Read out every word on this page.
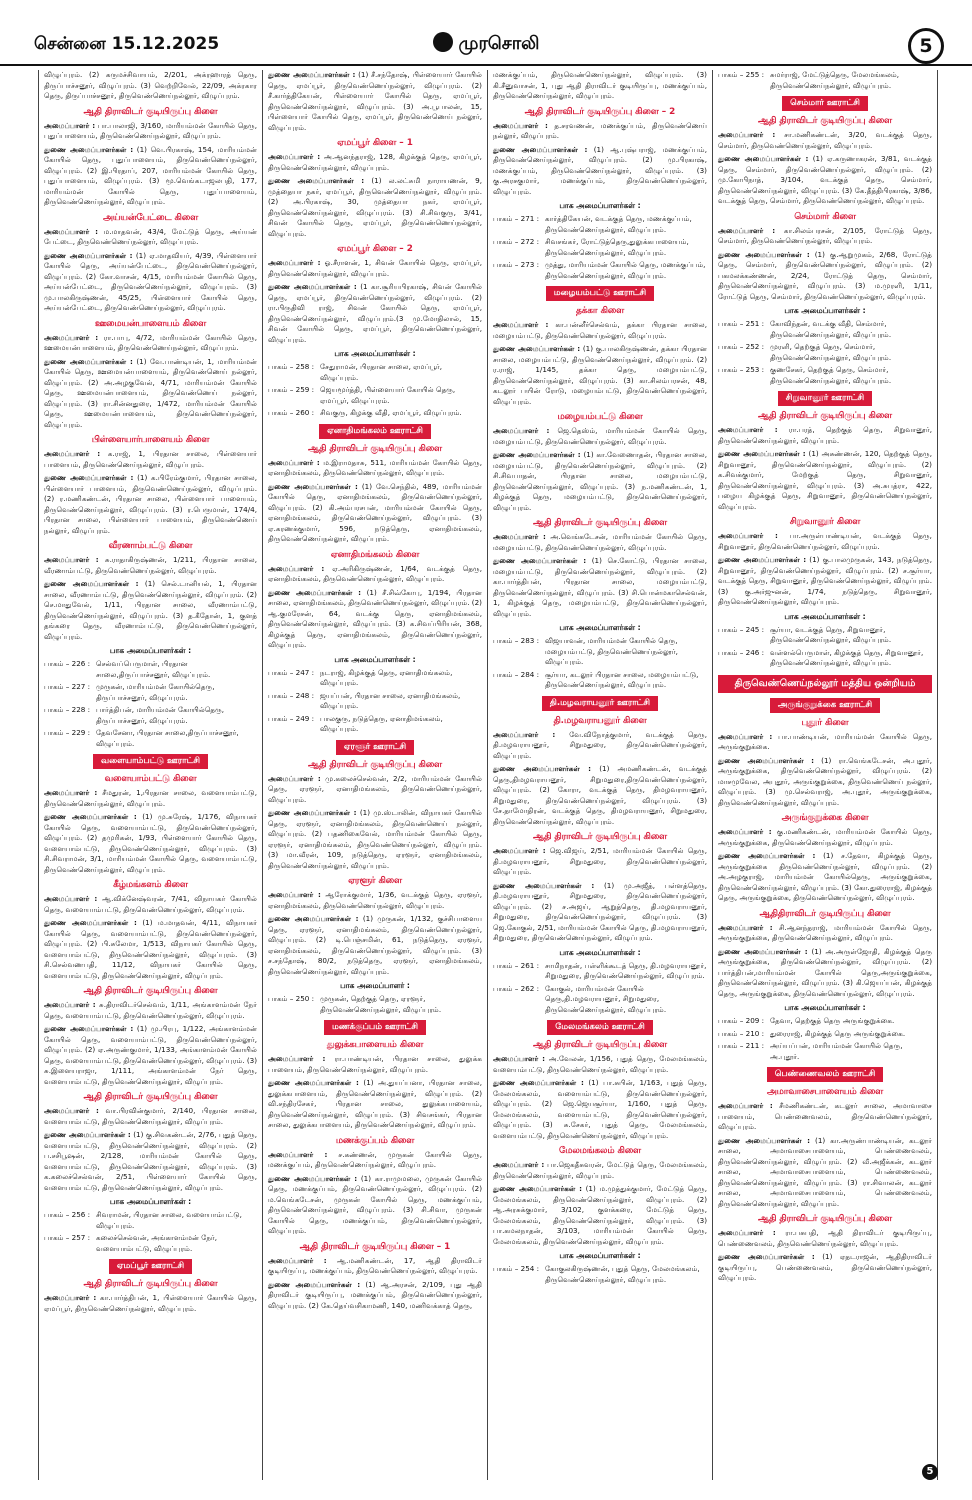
சென்னை 15.12.2025	முரசொலி	5

விழுப்புரம். (2) கருமச்சிவாயம், 2/201, அக்ரஹாரத் தெரு, திருப்பாச்சனூர், விழுப்புரம். (3) வெற்றிவேல், 22/09, அக்ரகார தெரு, திருப்பாச்சனூர், திருவெண்ணெய்நல்லூர், விழுப்புரம்.

ஆதி திராவிடர் குடியிருப்பு கிளை

அமைப்பாளர் : பா.பாலாஜி, 3/160, மாரியம்மன் கோயில் தெரு, புதுப்பாளையம், திருவெண்ணெய்நல்லூர், விழுப்புரம்.

துணை அமைப்பாளர்கள் : (1) வெ.பிரகாஷ், 154, மாரியம்மன் கோயில் தெரு, புதுப்பாளையம், திருவெண்ணெய்நல்லூர், விழுப்புரம். (2) இ.பிரதாப், 207, மாரியம்மன் கோயில் தெரு, புதுப்பாளையம், விழுப்புரம். (3) மூ.வெங்கடாஜலபதி, 177, மாரியம்மன் கோயில் தெரு, புதுப்பாளையம், திருவெண்ணெய்நல்லூர், விழுப்புரம்.

அய்யன்பேட்டை கிளை

அமைப்பாளர் : ம.மாதவன், 43/4, மேட்டுத் தெரு, அய்யன் பேட்டை, திருவெண்ணெய்நல்லூர், விழுப்புரம்.

துணை அமைப்பாளர்கள் : (1) ஏ.மாதவியர், 4/39, பிள்ளையார் கோயில் தெரு, அய்யன்பேட்டை, திருவெண்ணெய்நல்லூர், விழுப்புரம். (2) கோ.வாசன், 4/15, மாரியம்மன் கோயில் தெரு, அய்யன்பேட்டை, திருவெண்ணெய்நல்லூர், விழுப்புரம். (3) மு.பாலகிருஷ்ணன், 45/25, பிள்ளையார் கோயில் தெரு, அய்யன்பேட்டை, திருவெண்ணெய்நல்லூர், விழுப்புரம்.

ஊமையன்பாளையம் கிளை

அமைப்பாளர் : ரா.பாபு, 4/72, மாரியம்மன் கோயில் தெரு, ஊமையன்பாளையம், திருவெண்ணெய்நல்லூர், விழுப்புரம்.

துணை அமைப்பாளர்கள் : (1) வே.பாண்டியன், 1, மாரியம்மன் கோயில் தெரு, ஊமையன்பாளையம், திருவெண்ணெய் நல்லூர், விழுப்புரம். (2) அ.அழகுவேல், 4/71, மாரியம்மன் கோயில் தெரு, ஊமையன்பாளையம், திருவெண்ணெய் நல்லூர், விழுப்புரம். (3) ரா.சின்னதுரை, 1/472, மாரியம்மன் கோயில் தெரு, ஊமையன்பாளையம், திருவெண்ணெய்நல்லூர், விழுப்புரம்.

பிள்ளையார்பாளையம் கிளை

அமைப்பாளர் : க.ராஜ், 1, பிரதான சாலை, பிள்ளையார் பாளையம், திருவெண்ணெய்நல்லூர், விழுப்புரம்.

துணை அமைப்பாளர்கள் : (1) க.பிரேம்குமார், பிரதான சாலை, பிள்ளையார் பாளையம், திருவெண்ணெய்நல்லூர், விழுப்புரம். (2) ர.மணிகண்டன், பிரதான சாலை, பிள்ளையார் பாளையம், திருவெண்ணெய்நல்லூர், விழுப்புரம். (3) ர.பெருமாள், 174/4, பிரதான சாலை, பிள்ளையார் பாளையம், திருவெண்ணெய் நல்லூர், விழுப்புரம்.

வீரணாம்பட்டு கிளை

அமைப்பாளர் : சு.ராதாகிருஷ்ணன், 1/211, பிரதான சாலை, வீரணாம்பட்டு, திருவெண்ணெய்நல்லூர், விழுப்புரம்.

துணை அமைப்பாளர்கள் : (1) செல்.டானியல், 1, பிரதான சாலை, வீரணாம்பட்டு, திருவெண்ணெய்நல்லூர், விழுப்புரம். (2) செ.மாதுவேல், 1/11, பிரதான சாலை, வீரணாம்பட்டு, திருவெண்ணெய்நல்லூர், விழுப்புரம். (3) த.கீதோன், 1, குளத் தங்கரை தெரு, வீரணாம்பட்டு, திருவெண்ணெய்நல்லூர், விழுப்புரம்.

பாக அமைப்பாளர்கள் :
பாகம் – 226 : செல்வப்பெருமாள், பிரதான சாலை,திருப்பாச்சனூர், விழுப்புரம்.
பாகம் – 227 : முருகன், மாரியம்மன் கோயில்தெரு, திருப்பாச்சனூர், விழுப்புரம்.
பாகம் – 228 : பார்த்திபன், மாரியம்மன் கோயில்தெரு, திருப்பாச்சனூர், விழுப்புரம்.
பாகம் – 229 : தேவசேனா, பிரதான சாலை,திருப்பாச்சனூர், விழுப்புரம்.
வளையாம்பட்டு ஊராட்சி
வளையாம்பட்டு கிளை

அமைப்பாளர் : சீமதுரன், 1,பிரதான சாலை, வளையாம்பட்டு, திருவெண்ணெய்நல்லூர், விழுப்புரம்.

துணை அமைப்பாளர்கள் : (1) மு.சுரேஷ், 1/176, விநாயகர் கோயில் தெரு, வளையாம்பட்டு, திருவெண்ணெய்நல்லூர், விழுப்புரம். (2) தமுரிகன், 1/93, பிள்ளையார் கோயில் தெரு, வளையாம்பட்டு, திருவெண்ணெய்நல்லூர், விழுப்புரம். (3) சி.சிவராமன், 3/1, மாரியம்மன் கோயில் தெரு, வளையாம்பட்டு, திருவெண்ணெய்நல்லூர், விழுப்புரம்.

கீழ்மங்களம் கிளை

அமைப்பாளர் : ஆ.விக்னேஷ்வரன், 7/41, விநாயகர் கோயில் தெரு, வளையாம்பட்டு, திருவெண்ணெய்நல்லூர், விழுப்புரம்.

துணை அமைப்பாளர்கள் : (1) ம.மாதவன், 4/11, விநாயகர் கோயில் தெரு, வளையாம்பட்டு, திருவெண்ணெய்நல்லூர், விழுப்புரம். (2) பி.சுலேமா, 1/513, விநாயகர் கோயில் தெரு, வளையாம்பட்டு, திருவெண்ணெய்நல்லூர், விழுப்புரம். (3) சி.செல்வணபதி, 11/12, விநாயகர் கோயில் தெரு, வளையாம்பட்டு, திருவெண்ணெய்நல்லூர், விழுப்புரம்.

ஆதி திராவிடர் குடியிருப்பு கிளை

அமைப்பாளர் : சு.திராவிடர்செல்வம், 1/11, அங்காளம்மன் நேர் தெரு, வளையாம்பட்டு, திருவெண்ணெய்நல்லூர், விழுப்புரம்.

துணை அமைப்பாளர்கள் : (1) மு.பிரபு, 1/122, அங்காளம்மன் கோயில் தெரு, வளையாம்பட்டு, திருவெண்ணெய்நல்லூர், விழுப்புரம். (2) ஏ.அருண்குமார், 1/133, அங்காளம்மன் கோயில் தெரு, வளையாம்பட்டு, திருவெண்ணெய்நல்லூர், விழுப்புரம். (3) சு.இளையராஜா, 1/111, அங்காளம்மன் நேர் தெரு, வளையாம்பட்டு, திருவெண்ணெய்நல்லூர், விழுப்புரம்.

ஆதி திராவிடர் குடியிருப்பு கிளை

அமைப்பாளர் : வா.பிரவின்குமார், 2/140, பிரதான சாலை, வளையாம்பட்டு, திருவெண்ணெய்நல்லூர், விழுப்புரம்.

துணை அமைப்பாளர்கள் : (1) கு.சிவகண்டன், 2/76, புதுத் தெரு, வளையாம்பட்டு, திருவெண்ணெய்நல்லூர், விழுப்புரம். (2) ப.சசிபூஷன், 2/128, மாரியம்மன் கோயில் தெரு, வளையாம்பட்டு, திருவெண்ணெய்நல்லூர், விழுப்புரம். (3) க.கலைச்செல்வன், 2/51, பிள்ளையார் கோயில் தெரு, வளையாம்பட்டு, திருவெண்ணெய்நல்லூர், விழுப்புரம்.

பாக அமைப்பாளர்கள் :
பாகம் – 256 : சிவராமன், பிரதான சாலை, வளையாம்பட்டு, விழுப்புரம்.
பாகம் – 257 : கலைச்செல்வன், அங்காளம்மன் நேர், வளையாம்பட்டு, விழுப்புரம்.
ஏமப்பூர் ஊராட்சி
ஆதி திராவிடர் குடியிருப்பு கிளை

அமைப்பாளர் : கா.பார்த்திபன், 1, பிள்ளையார் கோயில் தெரு, ஏமப்பூர், திருவெண்ணெய்நல்லூர், விழுப்புரம்.

துணை அமைப்பாளர்கள் : (1) சீ.சந்தோஷ், பிள்ளையார் கோயில் தெரு, ஏமப்பூர், திருவெண்ணெய்நல்லூர், விழுப்புரம். (2) சீ.கார்த்திகேயன், பிள்ளையார் கோயில் தெரு, ஏமப்பூர், திருவெண்ணெய்நல்லூர், விழுப்புரம். (3) அ.பூபாலன், 15, பிள்ளையார் கோயில் தெரு, ஏமப்பூர், திருவெண்ணெய் நல்லூர், விழுப்புரம்.

ஏமப்பூர் கிளை – 1

அமைப்பாளர் : அ.ஆனந்தராஜ், 128, கிழக்குத் தெரு, ஏமப்பூர், திருவெண்ணெய்நல்லூர், விழுப்புரம்.

துணை அமைப்பாளர்கள் : (1) ல.லட்சுமி நாராயணன், 9, முத்தையா நகர், ஏமப்பூர், திருவெண்ணெய்நல்லூர், விழுப்புரம். (2) அ.பிரகாஷ், 30, முத்தையா நகர், ஏமப்பூர், திருவெண்ணெய்நல்லூர், விழுப்புரம். (3) சி.சிவகுரு, 3/41, சிவன் கோயில் தெரு, ஏமப்பூர், திருவெண்ணெய்நல்லூர், விழுப்புரம்.

ஏமப்பூர் கிளை – 2

அமைப்பாளர் : ஓ.சீராளன், 1, சிவன் கோயில் தெரு, ஏமப்பூர், திருவெண்ணெய்நல்லூர், விழுப்புரம்.

துணை அமைப்பாளர்கள் : (1 கா.சூரியபிரகாஷ், சிவன் கோயில் தெரு, ஏமப்பூர், திருவெண்ணெய்நல்லூர், விழுப்புரம். (2) ரா.பிருதிவி ராஜ், சிவன் கோயில் தெரு, ஏமப்பூர், திருவெண்ணெய்நல்லூர், விழுப்புரம்.(3 மு.மோதிலால், 15, சிவன் கோயில் தெரு, ஏமப்பூர், திருவெண்ணெய்நல்லூர், விழுப்புரம்.

பாக அமைப்பாளர்கள் :
பாகம் – 258 : சேதுராமன், பிரதான சாலை, ஏமப்பூர், விழுப்புரம்.
பாகம் – 259 : ஜெயமூர்த்தி, பிள்ளையார் கோயில் தெரு, ஏமப்பூர், விழுப்புரம்.
பாகம் – 260 : சிவகுரு, கிழக்கு வீதி, ஏமப்பூர், விழுப்புரம்.
ஏனாதிமங்கலம் ஊராட்சி
ஆதி திராவிடர் குடியிருப்பு கிளை

அமைப்பாளர் : ம.இராமதாசு, 511, மாரியம்மன் கோயில் தெரு, ஏனாதிமங்கலம், திருவெண்ணெய்நல்லூர், விழுப்புரம்.

துணை அமைப்பாளர்கள் : (1) வே.செந்தில், 489, மாரியம்மன் கோயில் தெரு, ஏனாதிமங்கலம், திருவெண்ணெய்நல்லூர், விழுப்புரம். (2) கி.அம்பரசபன், மாரியம்மன் கோயில் தெரு, ஏனாதிமங்கலம், திருவெண்ணெய்நல்லூர், விழுப்புரம். (3) ஏ.கரணக்குமார், 596, நடுத்தெரு, ஏனாதிமங்கலம், திருவெண்ணெய்நல்லூர், விழுப்புரம்.

ஏனாதிமங்கலம் கிளை

அமைப்பாளர் : ஏ.அரிகிருஷ்ணன், 1/64, வடக்குத் தெரு, ஏனாதிமங்கலம், திருவெண்ணெய்நல்லூர், விழுப்புரம்.

துணை அமைப்பாளர்கள் : (1) சீ.சிவ்கோபு, 1/194, பிரதான சாலை, ஏனாதிமங்கலம், திருவெண்ணெய்நல்லூர், விழுப்புரம். (2) ஆ.குமரேசன், 64, வடக்கு தெரு, ஏனாதிமங்கலம், திருவெண்ணெய்நல்லூர், விழுப்புரம். (3) க.சிவப்பிரியன், 368, கிழக்குத் தெரு, ஏனாதிமங்கலம், திருவெண்ணெய்நல்லூர், விழுப்புரம்.

பாக அமைப்பாளர்கள் :
பாகம் – 247 : நடராஜ், கிழக்குத் தெரு, ஏனாதிமங்கலம், விழுப்புரம்.
பாகம் – 248 : ஜயப்பன், பிரதான சாலை, ஏனாதிமங்கலம், விழுப்புரம்.
பாகம் – 249 : பாலகுரு, நடுத்தெரு, ஏனாதிமங்கலம், விழுப்புரம்.
ஏரளூர் ஊராட்சி
ஆதி திராவிடர் குடியிருப்பு கிளை

அமைப்பாளர் : மு.கலைச்செல்வன், 2/2, மாரியம்மன் கோயில் தெரு, ஏரளூர், ஏனாதிமங்கலம், திருவெண்ணெய்நல்லூர், விழுப்புரம்.

துணை அமைப்பாளர்கள் : (1) மு.ஸ்டாலின், விநாயகர் கோயில் தெரு, ஏரளூர், ஏனாதிமங்கலம், திருவெண்ணெய் நல்லூர், விழுப்புரம். (2) பதணிகைவேல், மாரியம்மன் கோயில் தெரு, ஏரளூர், ஏனாதிமங்கலம், திருவெண்ணெய்நல்லூர், விழுப்புரம். (3) மா.வீரன், 109, நடுத்தெரு, ஏரளூர், ஏனாதிமங்கலம், திருவெண்ணெய்நல்லூர், விழுப்புரம்.

ஏரளூர் கிளை

அமைப்பாளர் : ஆரோக்குமார், 1/36, வடக்குத் தெரு, ஏரளூர், ஏனாதிமங்கலம், திருவெண்ணெய்நல்லூர், விழுப்புரம்.

துணை அமைப்பாளர்கள் : (1) முருகன், 1/132, குச்சிபாளைய தெரு, ஏரளூர், ஏனாதிமங்கலம், திருவெண்ணெய்நல்லூர், விழுப்புரம். (2) டி.பெஞ்சமின், 61, நடுத்தெரு, ஏரளூர், ஏனாதிமங்கலம், திருவெண்ணெய்நல்லூர், விழுப்புரம். (3) ச.சந்தோஷ், 80/2, நடுத்தெரு, ஏரளூர், ஏனாதிமங்கலம், திருவெண்ணெய்நல்லூர், விழுப்புரம்.

பாக அமைப்பாளர் :
பாகம் – 250 : முருகன், தெற்குத் தெரு, ஏரளூர், திருவெண்ணெய்நல்லூர், விழுப்புரம்.
மணக்குப்பம் ஊராட்சி
துலுக்கபாளையம் கிளை

அமைப்பாளர் : ரா.பாண்டியன், பிரதான சாலை, துலுக்க பாளையம், திருவெண்ணெய்நல்லூர், விழுப்புரம்.

துணை அமைப்பாளர்கள் : (1) அ.துயப்பனா, பிரதான சாலை, துலுக்கபாளையம், திருவெண்ணெய்நல்லூர், விழுப்புரம். (2) வி.சந்திரசேகர், பிரதான சாலை, துலுக்கபாளையம், திருவெண்ணெய்நல்லூர், விழுப்புரம். (3) சிவசங்கர், பிரதான சாலை, துலுக்கபாளையம், திருவெண்ணெய்நல்லூர், விழுப்புரம்.

மணக்குப்பம் கிளை

அமைப்பாளர் : ச.கண்ணன், முருகன் கோயில் தெரு, மணக்குப்பம், திருவெண்ணெய்நல்லூர், விழுப்புரம்.

துணை அமைப்பாளர்கள் : (1) கா.ராமுமலை, முருகன் கோயில் தெரு, மணக்குப்பம், திருவெண்ணெய்நல்லூர், விழுப்புரம். (2) ம.வெங்கடேசன், முருகன் கோயில் தெரு, மணக்குப்பம், திருவெண்ணெய்நல்லூர், விழுப்புரம். (3) சி.சிவா, முருகன் கோயில் தெரு, மணக்குப்பம், திருவெண்ணெய்நல்லூர், விழுப்புரம்.

ஆதி திராவிடர் குடியிருப்பு கிளை – 1

அமைப்பாளர் : ஆ.மணிகண்டன், 17, ஆதி திராவிடர் குடியிருப்பு, மணக்குப்பம், திருவெண்ணெய்நல்லூர், விழுப்புரம்.

துணை அமைப்பாளர்கள் : (1) ஆ.அரசன், 2/109, புது ஆதி திராவிடர் குடியிருப்பு, மணக்குப்பம், திருவெண்ணெய்நல்லூர், விழுப்புரம். (2) கே.தெய்வசிகாமணி, 140, மணிவக்காத் தெரு,

மணக்குப்பம், திருவெண்ணெய்நல்லூர், விழுப்புரம். (3) கி.சீனுவாசன், 1, புது ஆதி திராவிடர் குடியிருப்பு, மணக்குப்பம், திருவெண்ணெய்நல்லூர், விழுப்புரம்.

ஆதி திராவிடர் குடியிருப்பு கிளை – 2

அமைப்பாளர் : த.சரவணன், மணக்குப்பம், திருவெண்ணெய் நல்லூர், விழுப்புரம்.

துணை அமைப்பாளர்கள் : (1) ஆ.புஷ்பராஜ், மணக்குப்பம், திருவெண்ணெய்நல்லூர், விழுப்புரம். (2) மு.பிரகாஷ், மணக்குப்பம், திருவெண்ணெய்நல்லூர், விழுப்புரம். (3) கு.அரசகுமார், மணக்குப்பம், திருவெண்ணெய்நல்லூர், விழுப்புரம்.

பாக அமைப்பாளர்கள் :
பாகம் – 271 : கார்த்திகேயன், வடக்குத் தெரு, மணக்குப்பம், திருவெண்ணெய்நல்லூர், விழுப்புரம்.
பாகம் – 272 : சிவசங்கர், ரோட்டுத்தெரு,துலுக்கபாளையம், திருவெண்ணெய்நல்லூர், விழுப்புரம்.
பாகம் – 273 : முத்து, மாரியம்மன் கோயில் தெரு, மணக்குப்பம், திருவெண்ணெய்நல்லூர், விழுப்புரம்.
மழையம்பட்டு ஊராட்சி
தக்கா கிளை

அமைப்பாளர் : கா.பன்னீர்செல்வம், தக்கா பிரதான சாலை, மழையம்பட்டு, திருவெண்ணெய்நல்லூர், விழுப்புரம்.

துணை அமைப்பாளர்கள் : (1) கு.பாலகிருஷ்ணன், தக்கா பிரதான சாலை, மழையம்பட்டு, திருவெண்ணெய்நல்லூர், விழுப்புரம். (2) ர.ராஜ், 1/145, தக்கா தெரு, மழையம்பட்டு, திருவெண்ணெய்நல்லூர், விழுப்புரம். (3) கா.சிலம்பரசன், 48, கடலூர் பயின் ரோடு, மழையம்பட்டு, திருவெண்ணெய்நல்லூர், விழுப்புரம்.

மழையம்பட்டு கிளை

அமைப்பாளர் : ஜெ.தெஸ்ம், மாரியம்மன் கோயில் தெரு, மழையம்பட்டு, திருவெண்ணெய்நல்லூர், விழுப்புரம்.

துணை அமைப்பாளர்கள் : (1) கா.வேணைாதன், பிரதான சாலை, மழையம்பட்டு, திருவெண்ணெய்நல்லூர், விழுப்புரம். (2) சி.சிவபாதன், பிரதான சாலை, மழையம்பட்டு, திருவெண்ணெய்நல்லூர், விழுப்புரம். (3) ந.மணிகண்டன், 1, கிழக்குத் தெரு, மழையம்பட்டு, திருவெண்ணெய்நல்லூர், விழுப்புரம்.

ஆதி திராவிடர் குடியிருப்பு கிளை

அமைப்பாளர் : அ.வெங்கடேசன், மாரியம்மன் கோயில் தெரு, மழையம்பட்டு, திருவெண்ணெய்நல்லூர், விழுப்புரம்.

துணை அமைப்பாளர்கள் : (1) செ.கோட்டு, பிரதான சாலை, மழையம்பட்டு, திருவெண்ணெய்நல்லூர், விழுப்புரம். (2) கா.பார்த்திபன், பிரதான சாலை, மழையம்பட்டு, திருவெண்ணெய்நல்லூர், விழுப்புரம். (3) சி.பொன்மகாசெல்வன், 1, கிழக்குத் தெரு, மழையம்பட்டு, திருவெண்ணெய்நல்லூர், விழுப்புரம்.

பாக அமைப்பாளர்கள் :
பாகம் – 283 : விஜயாவன், மாரியம்மன் கோயில் தெரு, மழையம்பட்டு, திருவெண்ணெய்நல்லூர், விழுப்புரம்.
பாகம் – 284 : சூர்யா, கடலூர் பிரதான சாலை, மழையம்பட்டு, திருவெண்ணெய்நல்லூர், விழுப்புரம்.
தி.மழவராயனூர் ஊராட்சி
தி.மழவராயனூர் கிளை

அமைப்பாளர் : வே.விநோத்குமார், வடக்குத் தெரு, தி.மழவராயனூர், சிறுமதுரை, திருவெண்ணெய்நல்லூர், விழுப்புரம்.

துணை அமைப்பாளர்கள் : (1) அமணிகண்டன், வடக்குத் தெரு,திமழவராயனூர், சிறுமதுரை,திருவெண்ணெய்நல்லூர், விழுப்புரம். (2) கோரா, வடக்குத் தெரு, திமழவராயனூர், சிறுமதுரை, திருவெண்ணெய்நல்லூர், விழுப்புரம். (3) சே.தாமோதிரன், வடக்குத் தெரு, திமழவராயனூர், சிறுமதுரை, திருவெண்ணெய்நல்லூர், விழுப்புரம்.

ஆதி திராவிடர் குடியிருப்பு கிளை

அமைப்பாளர் : ஜெ.விஜய், 2/51, மாரியம்மன் கோயில் தெரு, தி.மழவராயனூர், சிறுமதுரை, திருவெண்ணெய்நல்லூர், விழுப்புரம்.

துணை அமைப்பாளர்கள் : (1) மு.அஜீத், பள்ளத்தெரு, தி.மழவராயனூர், சிறுமதுரை, திருவெண்ணெய்நல்லூர், விழுப்புரம். (2) ச.அஜய், ஆறுத்தெரு, தி.மழவராயனூர், சிறுமதுரை, திருவெண்ணெய்நல்லூர், விழுப்புரம். (3) ஜெ.கோகுல், 2/51, மாரியம்மன் கோயில் தெரு, தி.மழவராயனூர், சிறுமதுரை, திருவெண்ணெய்நல்லூர், விழுப்புரம்.

பாக அமைப்பாளர்கள் :
பாகம் – 261 : சாமிநாதன், பள்ளிக்கூடத் தெரு, தி.மழவராயனூர், சிறுமதுரை, திருவெண்ணெய்நல்லூர், விழுப்புரம்.
பாகம் – 262 : கோகுல், மாரியம்மன் கோயில் தெரு,தி.மழவராயனூர், சிறுமதுரை, திருவெண்ணெய்நல்லூர், விழுப்புரம்.
மேலமங்கலம் ஊராட்சி
ஆதி திராவிடர் குடியிருப்பு கிளை

அமைப்பாளர் : அ.வேலன், 1/156, புதுத் தெரு, மேலமங்கலம், வளையம்பட்டு, திருவெண்ணெய்நல்லூர், விழுப்புரம்.

துணை அமைப்பாளர்கள் : (1) பா.சுபின், 1/163, புதுத் தெரு, மேலமங்கலம், வளையம்பட்டு, திருவெண்ணெய்நல்லூர், விழுப்புரம். (2) ஜெ.ஜெயசூர்யா, 1/160, புதுத் தெரு, மேலமங்கலம், வளையம்பட்டு, திருவெண்ணெய்நல்லூர், விழுப்புரம். (3) சு.சேகர், புதுத் தெரு, மேலமங்கலம், வளையம்பட்டு, திருவெண்ணெய்நல்லூர், விழுப்புரம்.

மேலமங்கலம் கிளை

அமைப்பாளர் : பா.ஜெகதீசுவரன், மேட்டுத் தெரு, மேலமங்கலம், திருவெண்ணெய்நல்லூர், விழுப்புரம்.

துணை அமைப்பாளர்கள் : (1) ம.முத்துக்குமார், மேட்டுத் தெரு, மேலமங்கலம், திருவெண்ணெய்நல்லூர், விழுப்புரம். (2) ஆ.அரசுக்குமார், 3/102, குளக்கரை, மேட்டுத் தெரு, மேலமங்கலம், திருவெண்ணெய்நல்லூர், விழுப்புரம். (3) பா.கமலநாதன், 3/103, மாரியம்மன் கோயில் தெரு, மேலமங்கலம், திருவெண்ணெய்நல்லூர், விழுப்புரம்.

பாக அமைப்பாளர்கள் :
பாகம் – 254 : கோகுலகிருஷ்ணன், புதுத் தெரு, மேலமங்கலம், திருவெண்ணெய்நல்லூர், விழுப்புரம்.
பாகம் – 255 : சுமர்ராஜ், மேட்டுத்தெரு, மேலமங்கலம், திருவெண்ணெய்நல்லூர், விழுப்புரம்.
செம்மார் ஊராட்சி
ஆதி திராவிடர் குடியிருப்பு கிளை

அமைப்பாளர் : சா.மணிகண்டன், 3/20, வடக்குத் தெரு, செம்மார், திருவெண்ணெய்நல்லூர், விழுப்புரம்.

துணை அமைப்பாளர்கள் : (1) ஏ.கருணாகரன், 3/81, வடக்குத் தெரு, செம்மார், திருவெண்ணெய்நல்லூர், விழுப்புரம். (2) மு.கோபிநாத், 3/104, வடக்குத் தெரு, செம்மார், திருவெண்ணெய்நல்லூர், விழுப்புரம். (3) கே.தீத்திபிரகாஷ், 3/86, வடக்குத் தெரு, செம்மார், திருவெண்ணெய்நல்லூர், விழுப்புரம்.

செம்மார் கிளை

அமைப்பாளர் : கா.சிலம்பரசன், 2/105, ரோட்டுத் தெரு, செம்மார், திருவெண்ணெய்நல்லூர், விழுப்புரம்.

துணை அமைப்பாளர்கள் : (1) கு.ஆறுமுகம், 2/68, ரோட்டுத் தெரு, செம்மார், திருவெண்ணெய்நல்லூர், விழுப்புரம். (2) பகமலக்கண்ணன், 2/24, ரோட்டுத் தெரு, செம்மார், திருவெண்ணெய்நல்லூர், விழுப்புரம். (3) ம.முரளி, 1/11, ரோட்டுத் தெரு, செம்மார், திருவெண்ணெய்நல்லூர், விழுப்புரம்.

பாக அமைப்பாளர்கள் :
பாகம் – 251 : கோவிந்தன், வடக்கு வீதி, செம்மார், திருவெண்ணெய்நல்லூர், விழுப்புரம்.
பாகம் – 252 : முரளி, தெற்குத் தெரு, செம்மார், திருவெண்ணெய்நல்லூர், விழுப்புரம்.
பாகம் – 253 : குணசேகர், தெற்குத் தெரு, செம்மார், திருவெண்ணெய்நல்லூர், விழுப்புரம்.
சிறுவானூர் ஊராட்சி
ஆதி திராவிடர் குடியிருப்பு கிளை

அமைப்பாளர் : ரா.பரத், தெற்குத் தெரு, சிறுவானூர், திருவெண்ணெய்நல்லூர், விழுப்புரம்.

துணை அமைப்பாளர்கள் : (1) அசுண்ணன், 120, தெற்குத் தெரு, சிறுவானூர், திருவெண்ணெய்நல்லூர், விழுப்புரம். (2) க.சிவக்குமார், மேற்குத் தெரு, சிறுவானூர், திருவெண்ணெய்நல்லூர், விழுப்புரம். (3) அ.சுபத்ரா, 422, பழைய கிழக்குத் தெரு, சிறுவானூர், திருவெண்ணெய்நல்லூர், விழுப்புரம்.

சிறுவானூர் கிளை

அமைப்பாளர் : பா.அருள்பாண்டியன், வடக்குத் தெரு, சிறுவானூர், திருவெண்ணெய்நல்லூர், விழுப்புரம்.

துணை அமைப்பாளர்கள் : (1) கு.பாலமுருகன், 143, நடுத்தெரு, சிறுவானூர், திருவெண்ணெய்நல்லூர், விழுப்புரம். (2) ச.சூர்யா, வடக்குத் தெரு, சிறுவானூர், திருவெண்ணெய்நல்லூர், விழுப்புரம். (3) கு.அர்ஜுனன், 1/74, நடுத்தெரு, சிறுவானூர், திருவெண்ணெய்நல்லூர், விழுப்புரம்.

பாக அமைப்பாளர்கள் :
பாகம் – 245 : சூர்யா, வடக்குத் தெரு, சிறுவானூர், திருவெண்ணெய்நல்லூர், விழுப்புரம்.
பாகம் – 246 : வள்ளல்பெருமாள், கிழக்குத் தெரு, சிறுவானூர், திருவெண்ணெய்நல்லூர், விழுப்புரம்.
திருவெண்ணெய்நல்லூர் மத்திய ஒன்றியம்
அருங்குறுக்கை ஊராட்சி
புதூர் கிளை

அமைப்பாளர் : பா.பாண்டியன், மாரியம்மன் கோயில் தெரு, அருங்குறுக்கை.

துணை அமைப்பாளர்கள் : (1) ரா.வெங்கடேசன், அ.புதூர், அருங்குறுக்கை, திருவெண்ணெய்நல்லூர், விழுப்புரம். (2) மாசமுவேல, அபுதூர், அருங்குறுக்கை, திருவெண்ணெய் நல்லூர், விழுப்புரம். (3) மு.செல்வராஜ், அ.புதூர், அருங்குறுக்கை, திருவெண்ணெய்நல்லூர், விழுப்புரம்.

அருங்குறுக்கை கிளை

அமைப்பாளர் : கு.மணிகண்டன், மாரியம்மன் கோயில் தெரு, அருங்குறுக்கை, திருவெண்ணெய்நல்லூர், விழுப்புரம்.

துணை அமைப்பாளர்கள் : (1) ச.தேவா, கிழக்குத் தெரு, அருங்குறுக்கை திருவெண்ணெய்நல்லூர், விழுப்புரம். (2) அ.அழகுராஜ், மாரியம்மன் கோயில்தெரு, அருங்குறுக்கை, திருவெண்ணெய்நல்லூர், விழுப்புரம். (3) கோ.துரைராஜ், கிழக்குத் தெரு, அருங்குறுக்கை, திருவெண்ணெய்நல்லூர், விழுப்புரம்.

ஆதிதிராவிடர் குடியிருப்பு கிளை

அமைப்பாளர் : சி.ஆனந்தராஜ், மாரியம்மன் கோயில் தெரு, அருங்குறுக்கை, திருவெண்ணெய்நல்லூர், விழுப்புரம்.

துணை அமைப்பாளர்கள் : (1) அ.அருள்ஜோதி, கிழக்குத் தெரு அருங்குறுக்கை, திருவெண்ணெய்நல்லூர், விழுப்புரம். (2) பார்த்திபன்,மாரியம்மன் கோயில் தெரு,அருங்குறுக்கை, திருவெண்ணெய்நல்லூர், விழுப்புரம். (3) கி.ஜெயப்பன், கிழக்குத் தெரு, அருங்குறுக்கை, திருவெண்ணெய்நல்லூர், விழுப்புரம்.

பாக அமைப்பாளர்கள் :
பாகம் – 209 : தேவா, தெற்குத் தெரு அருங்குறுக்கை.
பாகம் – 210 : துரைராஜ், கிழக்குத் தெரு அருங்குறுக்கை.
பாகம் – 211 : அய்யப்பன், மாரியம்மன் கோயில் தெரு, அ.புதூர்.
பெண்ணைவலம் ஊராட்சி
அமாவாசைபாளையம் கிளை

அமைப்பாளர் : சீமணிகண்டன், கடலூர் சாலை, அமாவாசை பாளையம், பெண்ணைவலம், திருவெண்ணெய்நல்லூர், விழுப்புரம்.

துணை அமைப்பாளர்கள் : (1) கா.அருண்பாண்டியன், கடலூர் சாலை, அமாவாசைபாளையம், பெண்ணைவலம், திருவெண்ணெய்நல்லூர், விழுப்புரம். (2) வீ.அஜீக்கன், கடலூர் சாலை, அமாவாசைபாளையம், பெண்ணைவலம், திருவெண்ணெய்நல்லூர், விழுப்புரம். (3) ரா.சிவாலன், கடலூர் சாலை, அமாவாசைபாளையம், பெண்ணைவலம், திருவெண்ணெய்நல்லூர், விழுப்புரம்.

ஆதி திராவிடர் குடியிருப்பு கிளை

அமைப்பாளர் : ரா.பசுபதி, ஆதி திராவிடர் குடியிருப்பு, பெண்ணைவலம், திருவெண்ணெய்நல்லூர், விழுப்புரம்.

துணை அமைப்பாளர்கள் : (1) ஏதடராஜன், ஆதிதிராவிடர் குடியிருப்பு, பெண்ணைவலம், திருவெண்ணெய்நல்லூர், விழுப்புரம்.

5
